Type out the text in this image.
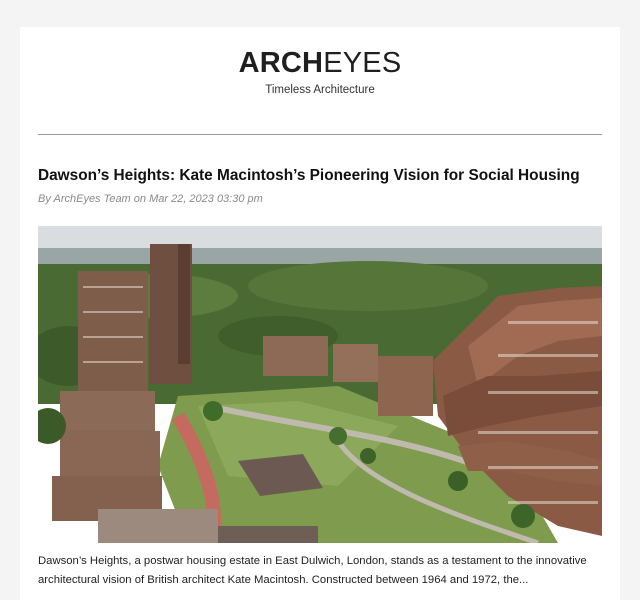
ARCHEYES
Timeless Architecture
Dawson’s Heights: Kate Macintosh’s Pioneering Vision for Social Housing
By ArchEyes Team on Mar 22, 2023 03:30 pm
Dawson’s Heights, a postwar housing estate in East Dulwich, London, stands as a testament to the innovative architectural vision of British architect Kate Macintosh. Constructed between 1964 and 1972, the...
